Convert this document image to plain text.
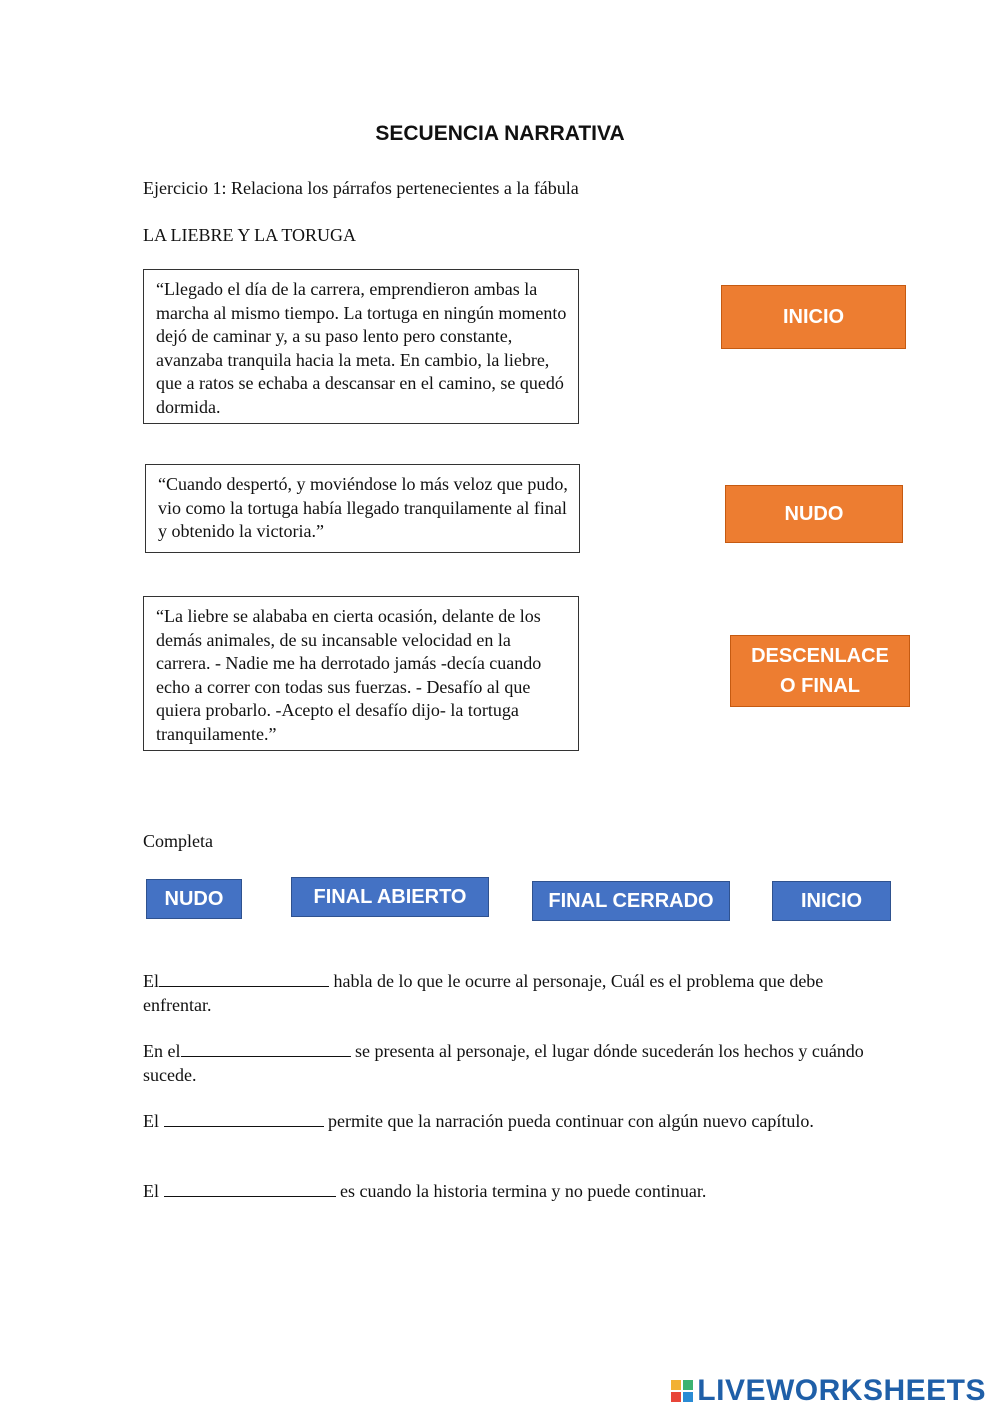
SECUENCIA NARRATIVA
Ejercicio 1: Relaciona los párrafos pertenecientes a la fábula
LA LIEBRE Y LA TORUGA
“Llegado el día de la carrera, emprendieron ambas la marcha al mismo tiempo. La tortuga en ningún momento dejó de caminar y, a su paso lento pero constante, avanzaba tranquila hacia la meta. En cambio, la liebre, que a ratos se echaba a descansar en el camino, se quedó dormida.
“Cuando despertó, y moviéndose lo más veloz que pudo, vio como la tortuga había llegado tranquilamente al final y obtenido la victoria.”
“La liebre se alababa en cierta ocasión, delante de los demás animales, de su incansable velocidad en la carrera. - Nadie me ha derrotado jamás -decía cuando echo a correr con todas sus fuerzas. - Desafío al que quiera probarlo. -Acepto el desafío dijo- la tortuga tranquilamente.”
INICIO
NUDO
DESCENLACE O FINAL
Completa
NUDO	FINAL ABIERTO	FINAL CERRADO	INICIO
El	habla de lo que le ocurre al personaje, Cuál es el problema que debe enfrentar.
En el	se presenta al personaje, el lugar dónde sucederán los hechos y cuándo sucede.
El	permite que la narración pueda continuar con algún nuevo capítulo.
El	es cuando la historia termina y no puede continuar.
LIVEWORKSHEETS
